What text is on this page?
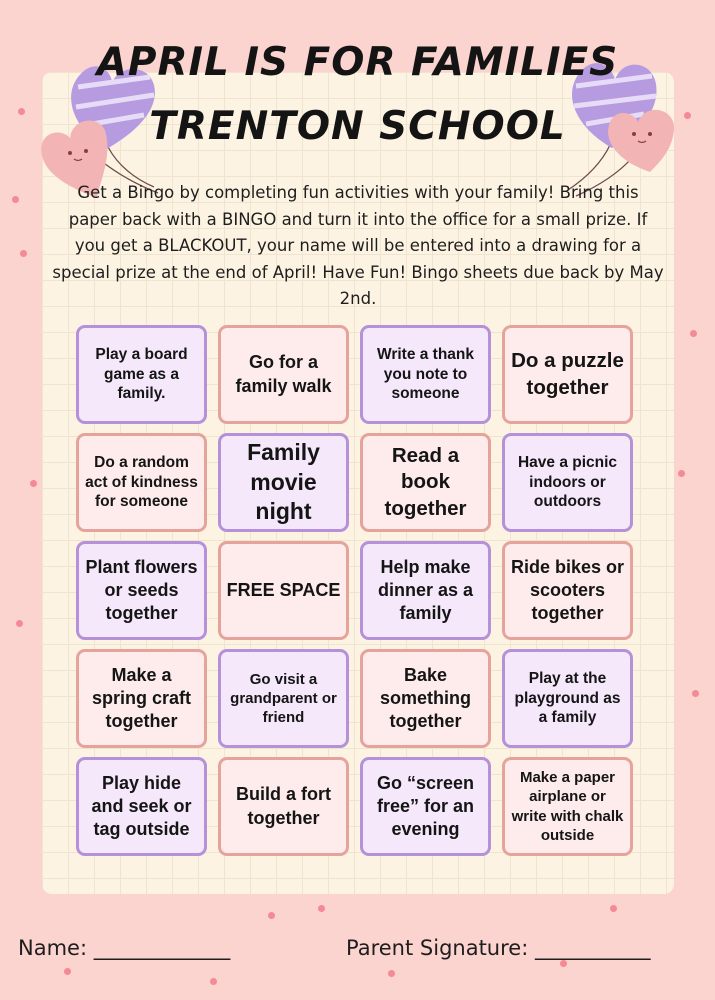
APRIL IS FOR FAMILIES
TRENTON SCHOOL

Get a Bingo by completing fun activities with your family! Bring this paper back with a BINGO and turn it into the office for a small prize. If you get a BLACKOUT, your name will be entered into a drawing for a special prize at the end of April! Have Fun! Bingo sheets due back by May 2nd.

Play a board game as a family.
Go for a family walk
Write a thank you note to someone
Do a puzzle together
Do a random act of kindness for someone
Family movie night
Read a book together
Have a picnic indoors or outdoors
Plant flowers or seeds together
FREE SPACE
Help make dinner as a family
Ride bikes or scooters together
Make a spring craft together
Go visit a grandparent or friend
Bake something together
Play at the playground as a family
Play hide and seek or tag outside
Build a fort together
Go “screen free” for an evening
Make a paper airplane or write with chalk outside
Name: _____________	Parent Signature: ___________
